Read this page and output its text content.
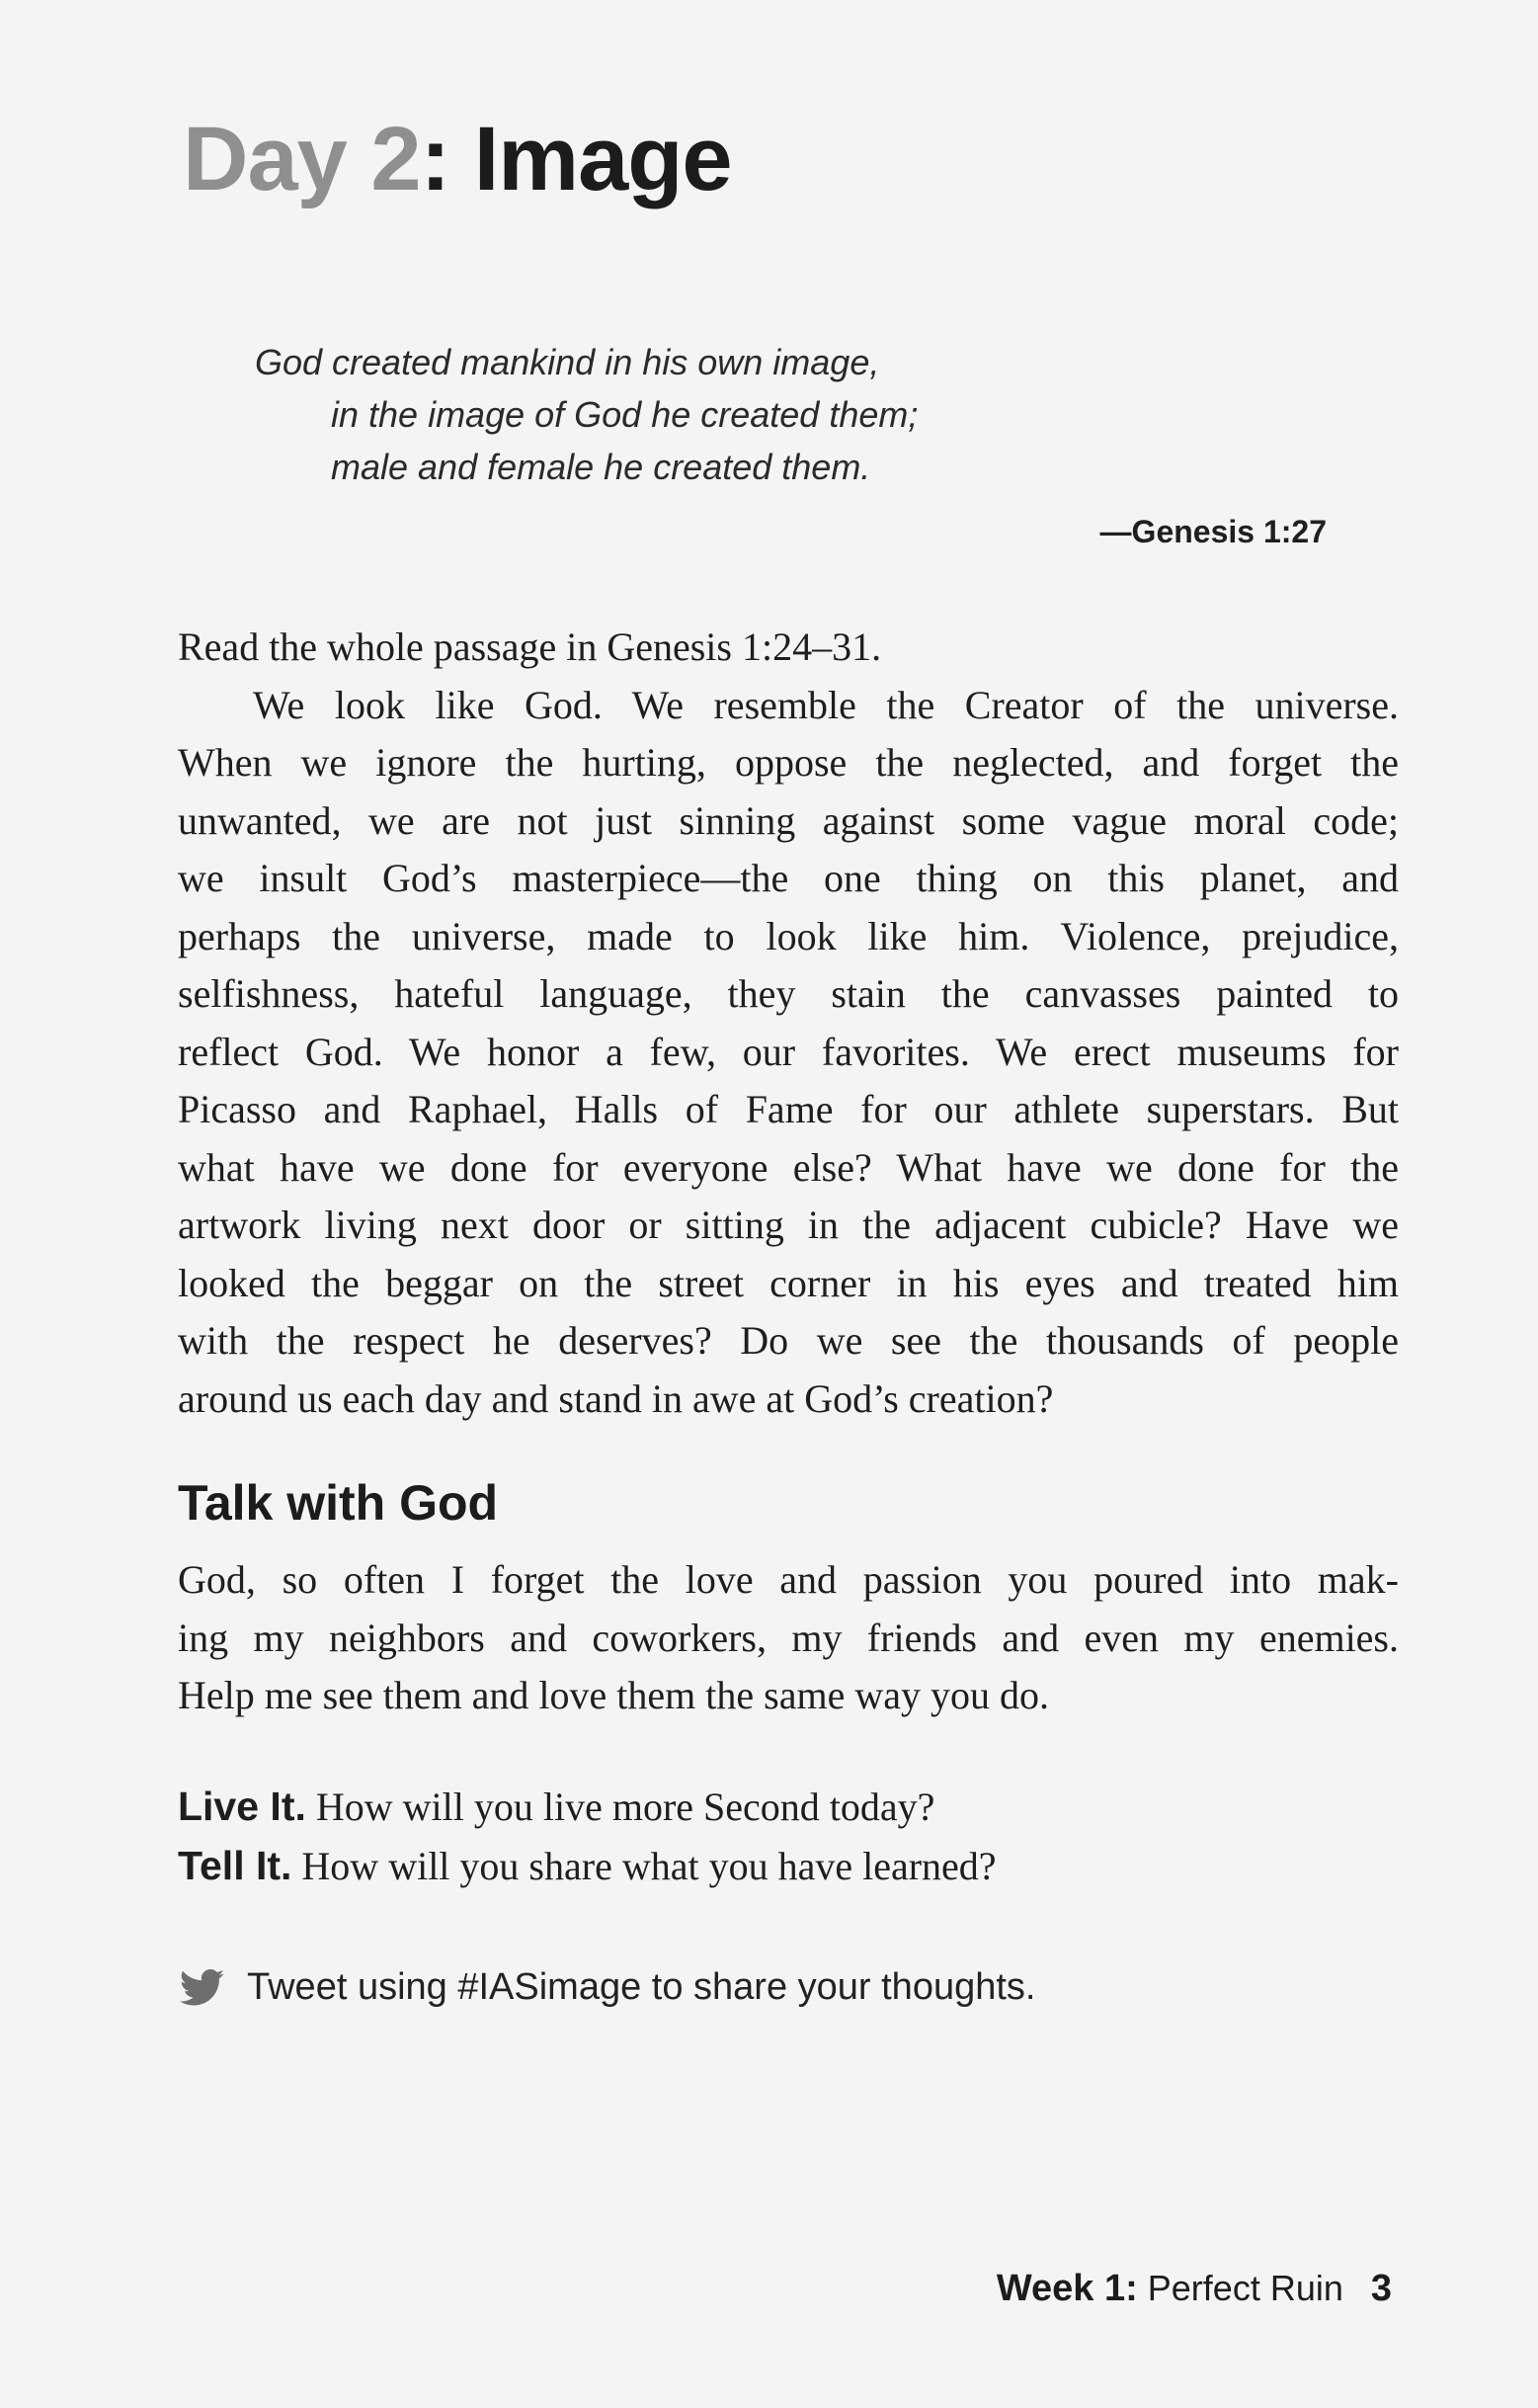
Day 2: Image
God created mankind in his own image,
in the image of God he created them;
male and female he created them.
—Genesis 1:27
Read the whole passage in Genesis 1:24–31.
We look like God. We resemble the Creator of the universe.
When we ignore the hurting, oppose the neglected, and forget the
unwanted, we are not just sinning against some vague moral code;
we insult God’s masterpiece—the one thing on this planet, and
perhaps the universe, made to look like him. Violence, prejudice,
selfishness, hateful language, they stain the canvasses painted to
reflect God. We honor a few, our favorites. We erect museums for
Picasso and Raphael, Halls of Fame for our athlete superstars. But
what have we done for everyone else? What have we done for the
artwork living next door or sitting in the adjacent cubicle? Have we
looked the beggar on the street corner in his eyes and treated him
with the respect he deserves? Do we see the thousands of people
around us each day and stand in awe at God’s creation?
Talk with God
God, so often I forget the love and passion you poured into mak-
ing my neighbors and coworkers, my friends and even my enemies.
Help me see them and love them the same way you do.
Live It. How will you live more Second today?
Tell It. How will you share what you have learned?
Tweet using #IASimage to share your thoughts.
Week 1: Perfect Ruin 3
